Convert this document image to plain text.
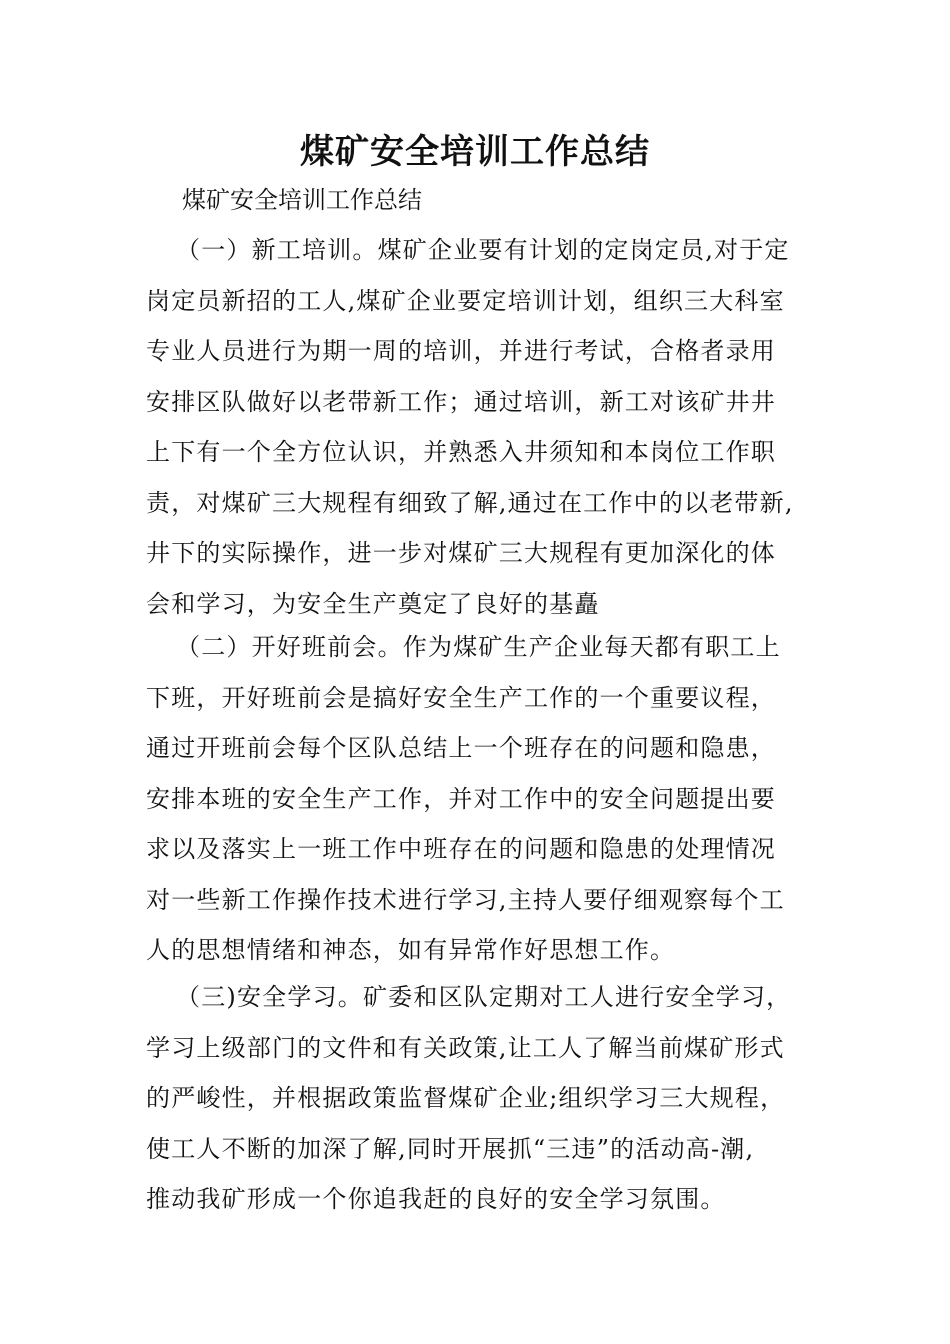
煤矿安全培训工作总结
煤矿安全培训工作总结
（一）新工培训。煤矿企业要有计划的定岗定员,对于定
岗定员新招的工人,煤矿企业要定培训计划，组织三大科室
专业人员进行为期一周的培训，并进行考试，合格者录用
安排区队做好以老带新工作；通过培训，新工对该矿井井
上下有一个全方位认识，并熟悉入井须知和本岗位工作职
责，对煤矿三大规程有细致了解,通过在工作中的以老带新,
井下的实际操作，进一步对煤矿三大规程有更加深化的体
会和学习，为安全生产奠定了良好的基矗
（二）开好班前会。作为煤矿生产企业每天都有职工上
下班，开好班前会是搞好安全生产工作的一个重要议程，
通过开班前会每个区队总结上一个班存在的问题和隐患，
安排本班的安全生产工作，并对工作中的安全问题提出要
求以及落实上一班工作中班存在的问题和隐患的处理情况
对一些新工作操作技术进行学习,主持人要仔细观察每个工
人的思想情绪和神态，如有异常作好思想工作。
（三)安全学习。矿委和区队定期对工人进行安全学习，
学习上级部门的文件和有关政策,让工人了解当前煤矿形式
的严峻性，并根据政策监督煤矿企业;组织学习三大规程，
使工人不断的加深了解,同时开展抓“三违”的活动高-潮,
推动我矿形成一个你追我赶的良好的安全学习氛围。
